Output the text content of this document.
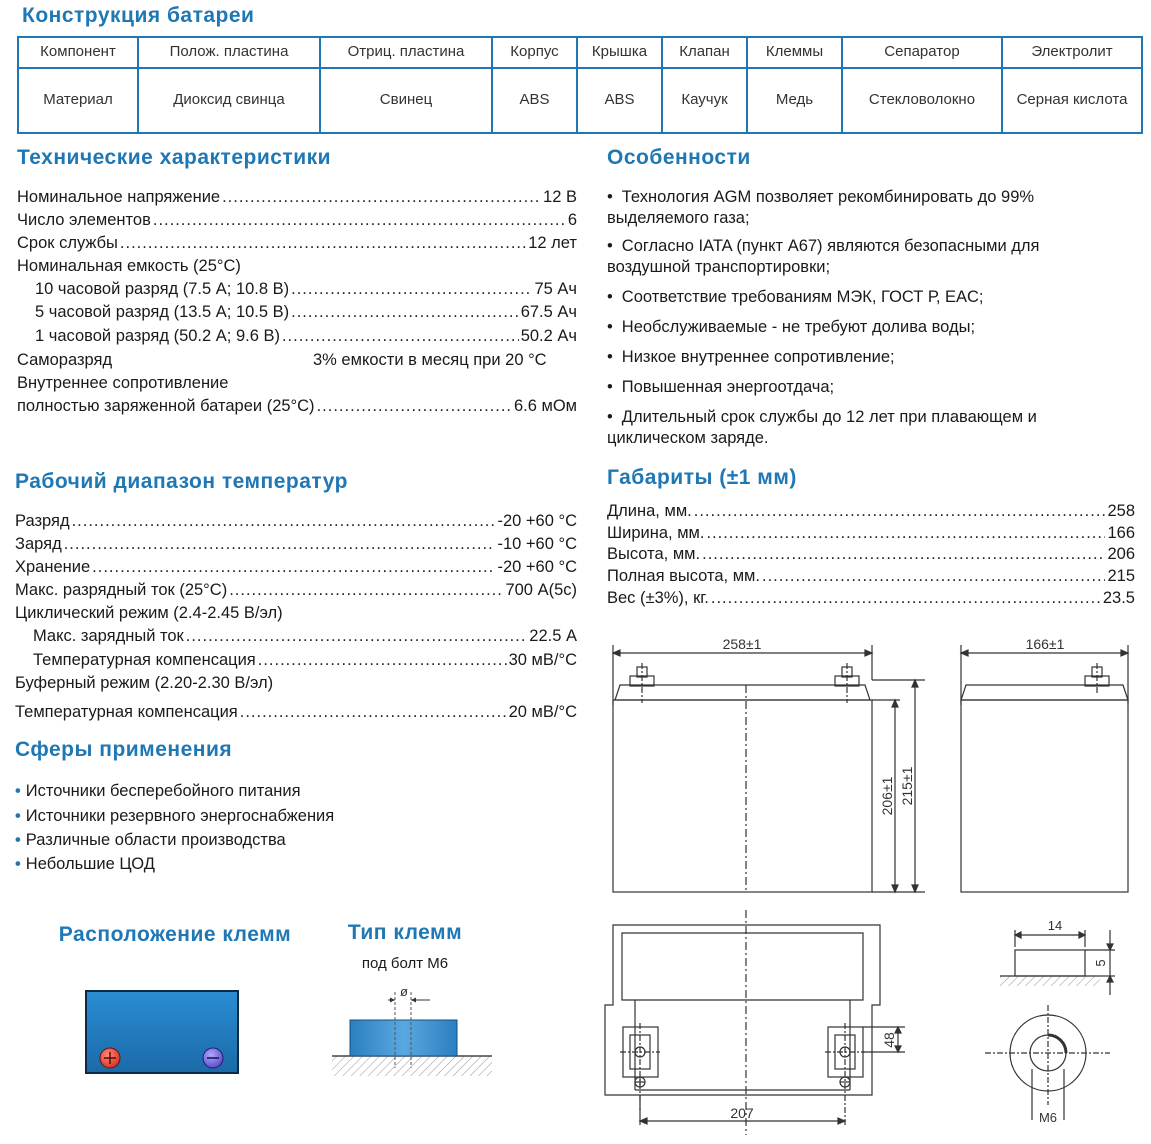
Конструкция батареи
Компонент	Полож. пластина	Отриц. пластина	Корпус	Крышка	Клапан	Клеммы	Сепаратор	Электролит
Материал	Диоксид свинца	Свинец	ABS	ABS	Каучук	Медь	Стекловолокно	Серная кислота
Технические характеристики
Номинальное напряжение .....	12 В
Число элементов .....	6
Срок службы .....	12 лет
Номинальная емкость (25°C)
10 часовой разряд (7.5 А; 10.8 В) .....	75 Ач
5 часовой разряд (13.5 А; 10.5 В) .....	67.5 Ач
1 часовой разряд (50.2 А; 9.6 В) .....	50.2 Ач
Саморазряд	3% емкости в месяц при 20 °C
Внутреннее сопротивление
полностью заряженной батареи (25°C) .....	6.6 мОм
Рабочий диапазон температур
Разряд .....	-20 +60 °C
Заряд .....	-10 +60 °C
Хранение .....	-20 +60 °C
Макс. разрядный ток (25°C) .....	700 А(5с)
Циклический режим (2.4-2.45 В/эл)
Макс. зарядный ток .....	22.5 А
Температурная компенсация .....	30 мВ/°С
Буферный режим (2.20-2.30 В/эл)
Температурная компенсация .....	20 мВ/°С
Сферы применения
• Источники бесперебойного питания
• Источники резервного энергоснабжения
• Различные области производства
• Небольшие ЦОД
Расположение клемм	Тип клемм
под болт М6
ø
Особенности
• Технология AGM позволяет рекомбинировать до 99% выделяемого газа;
• Согласно IATA (пункт А67) являются безопасными для воздушной транспортировки;
• Соответствие требованиям МЭК, ГОСТ Р, EAC;
• Необслуживаемые - не требуют долива воды;
• Низкое внутреннее сопротивление;
• Повышенная энергоотдача;
• Длительный срок службы до 12 лет при плавающем и циклическом заряде.
Габариты (±1 мм)
Длина, мм. .....	258
Ширина, мм. .....	166
Высота, мм. .....	206
Полная высота, мм. .....	215
Вес (±3%), кг. .....	23.5
258±1	166±1
206±1 215±1
207
48
14
5
М6
